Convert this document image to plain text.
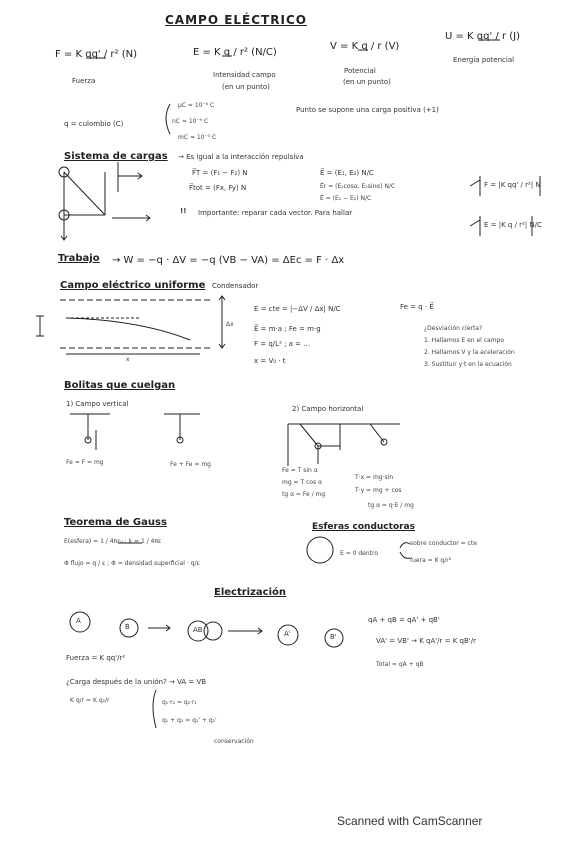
CAMPO ELÉCTRICO
F = K qq' / r² (N)
Fuerza
E = K q / r² (N/C)
Intensidad campo
(en un punto)
V = K q / r (V)
Potencial
(en un punto)
U = K qq' / r (J)
Energía potencial
q = culombio (C)
μC = 10⁻⁶ C
nC = 10⁻⁹ C
mC = 10⁻³ C
Punto se supone una carga positiva (+1)
Sistema de cargas → Es igual a la interacción repulsiva
F⃗T = (F₁ − F₂) N
F⃗tot = (Fx, Fy) N
E⃗ = (E₁, E₂) N/C
E⃗r = (E₁cosα, E₂sinα) N/C
E⃗ = (E₁ − E₂) N/C
!! Importante: reparar cada vector. Para hallar
F = |K qq' / r²| N
E = |K q / r²| N/C
Trabajo → W = −q · ΔV = −q (VB − VA) = ΔEc = F · Δx
Campo eléctrico uniforme Condensador
E = cte = |−ΔV / Δx| N/C	Fe = q · E⃗
E⃗ = m·a ; Fe = m·g
F = q/L² ; a = ...
x = V₀ · t
¿Desviación cierta?
1. Hallamos E en el campo
2. Hallamos V y la aceleración
3. Sustituir y·t en la ecuación
x
Δx
Bolitas que cuelgan
1) Campo vertical
Fe = F = mg	Fe + Fe = mg
2) Campo horizontal
Fe = T sin α
mg = T cos α
tg α = Fe / mg
T·x = mg·sin
T·y = mg + cos
tg α = q·E / mg
Teorema de Gauss
E(esfera) = 1 / 4πε₀ ; k = 1 / 4πε
Φ flujo = q / ε ; Φ = densidad superficial · q/ε
Esferas conductoras
E = 0 dentro
sobre conductor = cte
fuera = K q/r²
Electrización
A
B	AB	A'	B'
Fuerza = K qq'/r²
qA + qB = qA' + qB'
VA' = VB' → K qA'/r = K qB'/r
Total = qA + qB
¿Carga después de la unión? → VA = VB
K q/r = K q₂/r	q₁·r₂ = q₂·r₁
q₁ + q₂ = q₁' + q₂'
conservación
Scanned with CamScanner
